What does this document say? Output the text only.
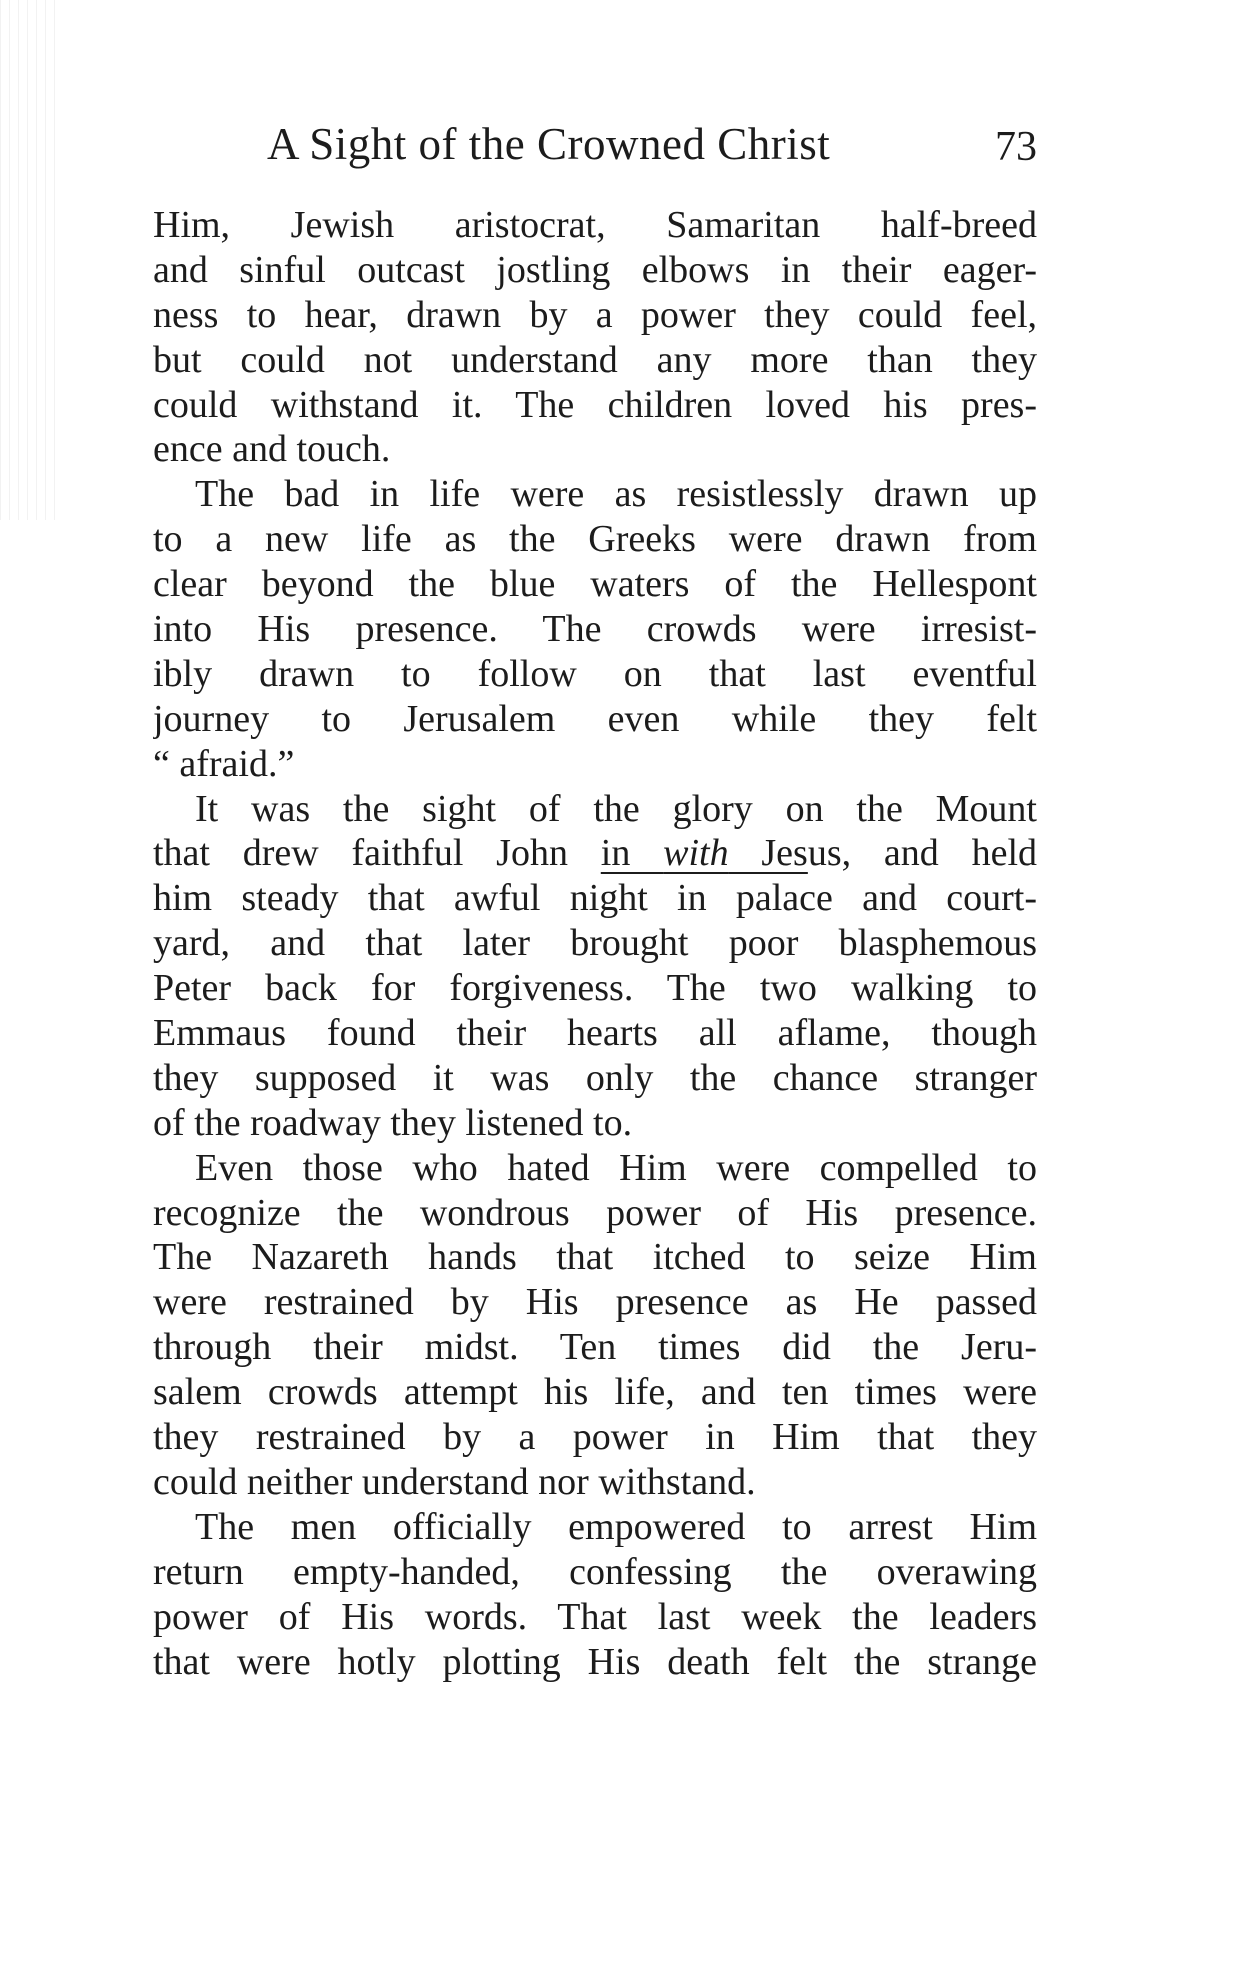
A Sight of the Crowned Christ	73
Him, Jewish aristocrat, Samaritan half-breed
and sinful outcast jostling elbows in their eager-
ness to hear, drawn by a power they could feel,
but could not understand any more than they
could withstand it. The children loved his pres-
ence and touch.
The bad in life were as resistlessly drawn up
to a new life as the Greeks were drawn from
clear beyond the blue waters of the Hellespont
into His presence. The crowds were irresist-
ibly drawn to follow on that last eventful
journey to Jerusalem even while they felt
“ afraid.”
It was the sight of the glory on the Mount
that drew faithful John in with Jesus, and held
him steady that awful night in palace and court-
yard, and that later brought poor blasphemous
Peter back for forgiveness. The two walking to
Emmaus found their hearts all aflame, though
they supposed it was only the chance stranger
of the roadway they listened to.
Even those who hated Him were compelled to
recognize the wondrous power of His presence.
The Nazareth hands that itched to seize Him
were restrained by His presence as He passed
through their midst. Ten times did the Jeru-
salem crowds attempt his life, and ten times were
they restrained by a power in Him that they
could neither understand nor withstand.
The men officially empowered to arrest Him
return empty-handed, confessing the overawing
power of His words. That last week the leaders
that were hotly plotting His death felt the strange
